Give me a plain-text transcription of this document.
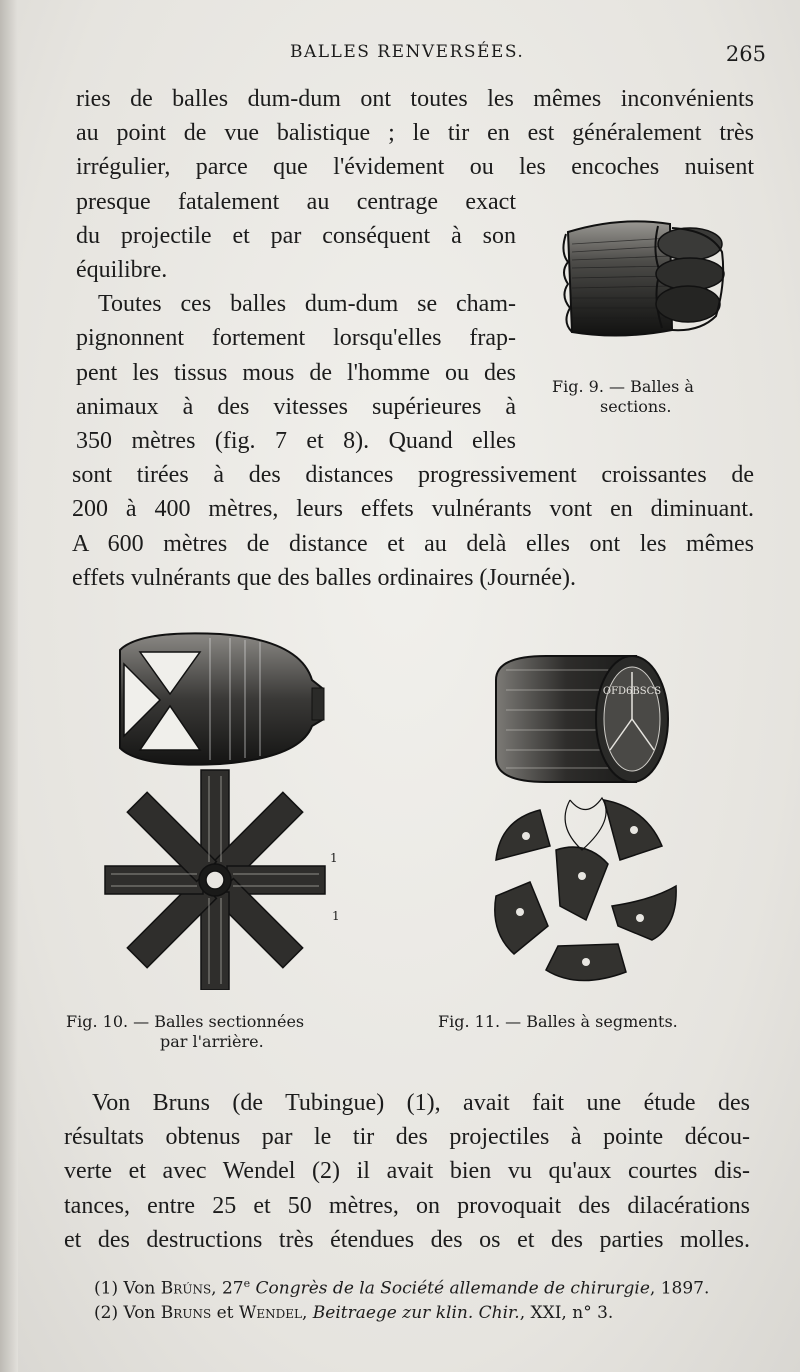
BALLES RENVERSÉES.	265
ries de balles dum-dum ont toutes les mêmes inconvénients
au point de vue balistique ; le tir en est généralement très
irrégulier, parce que l'évidement ou les encoches nuisent
presque fatalement au centrage exact
du projectile et par conséquent à son
équilibre.
Toutes ces balles dum-dum se cham-
pignonnent fortement lorsqu'elles frap-
pent les tissus mous de l'homme ou des
animaux à des vitesses supérieures à
350 mètres (fig. 7 et 8). Quand elles
sont tirées à des distances progressivement croissantes de
200 à 400 mètres, leurs effets vulnérants vont en diminuant.
A 600 mètres de distance et au delà elles ont les mêmes
effets vulnérants que des balles ordinaires (Journée).
Fig. 9. — Balles à
sections.
1
1
OFD6BSCS
Fig. 10. — Balles sectionnées
par l'arrière.
Fig. 11. — Balles à segments.
Von Bruns (de Tubingue) (1), avait fait une étude des
résultats obtenus par le tir des projectiles à pointe décou-
verte et avec Wendel (2) il avait bien vu qu'aux courtes dis-
tances, entre 25 et 50 mètres, on provoquait des dilacérations
et des destructions très étendues des os et des parties molles.
(1) Von Brúns, 27e Congrès de la Société allemande de chirurgie, 1897.
(2) Von Bruns et Wendel, Beitraege zur klin. Chir., XXI, n° 3.
